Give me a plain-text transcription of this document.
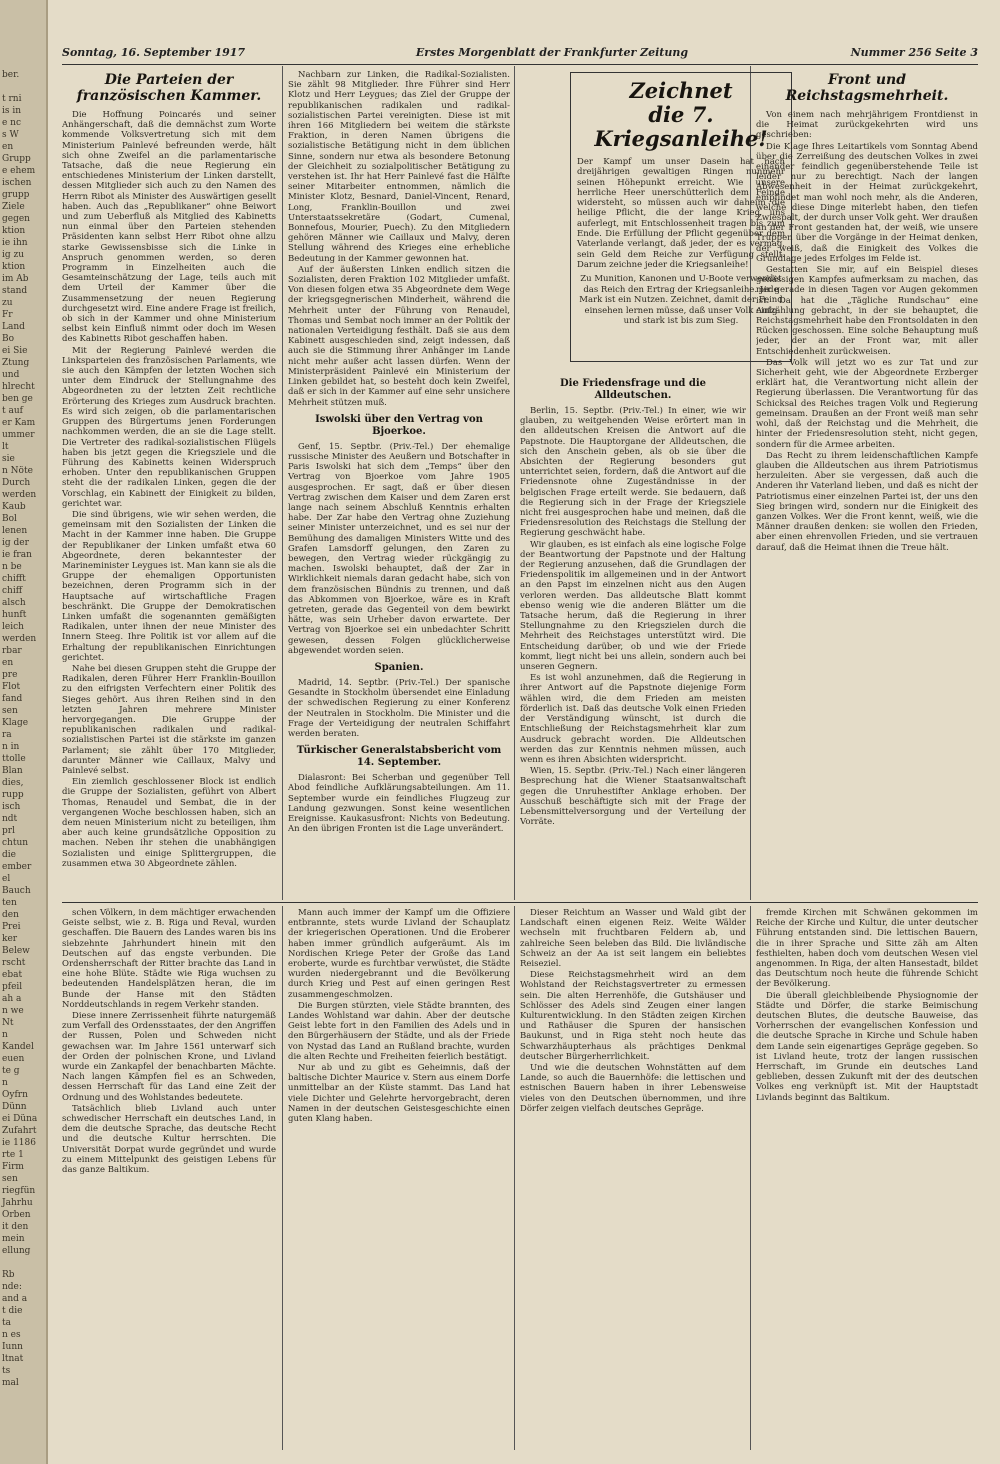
ber.
t rni
is in
e nc
s W
en
Grupp
e ehem
ischen
grupp
Ziele
gegen
ktion
ie ihn
ig zu
ktion
im Ab
stand
zu
Fr
Land
Bo
ei Sie
Ztung
und
hlrecht
ben ge
t auf
er Kam
ummer
lt
sie
n Nöte
Durch
werden
Kaub
Bol
lenen
ig der
ie fran
n be
chifft
chiff
alsch
hunft
leich
werden
rbar
en
pre
Flot
fand
sen
Klage
ra
n in
ttolle
Blan
dies,
rupp
isch
ndt
prl
chtun
die
ember
el
Bauch
ten
den
Prei
ker
Belew
rscht
ebat
pfeil
ah a
n we
Nt
n
Kandel
euen
te g
n
Oyfrn
Dünn
ei Düna
Zufahrt
ie 1186
rte 1
Firm
sen
riegfün
Jahrhu
Orben
it den
mein
ellung
Rb
nde:
and a
t die
ta
n es
Iunn
ltnat
ts
mal
Sonntag, 16. September 1917	Erstes Morgenblatt der Frankfurter Zeitung	Nummer 256 Seite 3
Die Parteien der französischen Kammer.

Die Hoffnung Poincarés und seiner Anhängerschaft, daß die demnächst zum Worte kommende Volksvertretung sich mit dem Ministerium Painlevé befreunden werde, hält sich ohne Zweifel an die parlamentarische Tatsache, daß die neue Regierung ein entschiedenes Ministerium der Linken darstellt, dessen Mitglieder sich auch zu den Namen des Herrn Ribot als Minister des Auswärtigen gesellt haben. Auch das „Republikaner“ ohne Beiwort und zum Ueberfluß als Mitglied des Kabinetts nun einmal über den Parteien stehenden Präsidenten kann selbst Herr Ribot ohne allzu starke Gewissensbisse sich die Linke in Anspruch genommen werden, so deren Programm in Einzelheiten auch die Gesamteinschätzung der Lage, teils auch mit dem Urteil der Kammer über die Zusammensetzung der neuen Regierung durchgesetzt wird. Eine andere Frage ist freilich, ob sich in der Kammer und ohne Ministerium selbst kein Einfluß nimmt oder doch im Wesen des Kabinetts Ribot geschaffen haben.

Mit der Regierung Painlevé werden die Linksparteien des französischen Parlaments, wie sie auch den Kämpfen der letzten Wochen sich unter dem Eindruck der Stellungnahme des Abgeordneten zu der letzten Zeit rechtliche Erörterung des Krieges zum Ausdruck brachten. Es wird sich zeigen, ob die parlamentarischen Gruppen des Bürgertums jenen Forderungen nachkommen werden, die an sie die Lage stellt. Die Vertreter des radikal-sozialistischen Flügels haben bis jetzt gegen die Kriegsziele und die Führung des Kabinetts keinen Widerspruch erhoben. Unter den republikanischen Gruppen steht die der radikalen Linken, gegen die der Vorschlag, ein Kabinett der Einigkeit zu bilden, gerichtet war.

Die sind übrigens, wie wir sehen werden, die gemeinsam mit den Sozialisten der Linken die Macht in der Kammer inne haben. Die Gruppe der Republikaner der Linken umfaßt etwa 60 Abgeordnete, deren bekanntester der Marineminister Leygues ist. Man kann sie als die Gruppe der ehemaligen Opportunisten bezeichnen, deren Programm sich in der Hauptsache auf wirtschaftliche Fragen beschränkt. Die Gruppe der Demokratischen Linken umfaßt die sogenannten gemäßigten Radikalen, unter ihnen der neue Minister des Innern Steeg. Ihre Politik ist vor allem auf die Erhaltung der republikanischen Einrichtungen gerichtet.

Nahe bei diesen Gruppen steht die Gruppe der Radikalen, deren Führer Herr Franklin-Bouillon zu den eifrigsten Verfechtern einer Politik des Sieges gehört. Aus ihren Reihen sind in den letzten Jahren mehrere Minister hervorgegangen. Die Gruppe der republikanischen radikalen und radikal-sozialistischen Partei ist die stärkste im ganzen Parlament; sie zählt über 170 Mitglieder, darunter Männer wie Caillaux, Malvy und Painlevé selbst.

Ein ziemlich geschlossener Block ist endlich die Gruppe der Sozialisten, geführt von Albert Thomas, Renaudel und Sembat, die in der vergangenen Woche beschlossen haben, sich an dem neuen Ministerium nicht zu beteiligen, ihm aber auch keine grundsätzliche Opposition zu machen. Neben ihr stehen die unabhängigen Sozialisten und einige Splittergruppen, die zusammen etwa 30 Abgeordnete zählen.

Nachbarn zur Linken, die Radikal-Sozialisten. Sie zählt 98 Mitglieder. Ihre Führer sind Herr Klotz und Herr Leygues; das Ziel der Gruppe der republikanischen radikalen und radikal-sozialistischen Partei vereinigten. Diese ist mit ihren 166 Mitgliedern bei weitem die stärkste Fraktion, in deren Namen übrigens die sozialistische Betätigung nicht in dem üblichen Sinne, sondern nur etwa als besondere Betonung der Gleichheit zu sozialpolitischer Betätigung zu verstehen ist. Ihr hat Herr Painlevé fast die Hälfte seiner Mitarbeiter entnommen, nämlich die Minister Klotz, Besnard, Daniel-Vincent, Renard, Long, Franklin-Bouillon und zwei Unterstaatssekretäre (Godart, Cumenal, Bonnefous, Mourier, Puech). Zu den Mitgliedern gehören Männer wie Caillaux und Malvy, deren Stellung während des Krieges eine erhebliche Bedeutung in der Kammer gewonnen hat.

Auf der äußersten Linken endlich sitzen die Sozialisten, deren Fraktion 102 Mitglieder umfaßt. Von diesen folgen etwa 35 Abgeordnete dem Wege der kriegsgegnerischen Minderheit, während die Mehrheit unter der Führung von Renaudel, Thomas und Sembat noch immer an der Politik der nationalen Verteidigung festhält. Daß sie aus dem Kabinett ausgeschieden sind, zeigt indessen, daß auch sie die Stimmung ihrer Anhänger im Lande nicht mehr außer acht lassen dürfen. Wenn der Ministerpräsident Painlevé ein Ministerium der Linken gebildet hat, so besteht doch kein Zweifel, daß er sich in der Kammer auf eine sehr unsichere Mehrheit stützen muß.

Iswolski über den Vertrag von Bjoerkoe.

Genf, 15. Septbr. (Priv.-Tel.) Der ehemalige russische Minister des Aeußern und Botschafter in Paris Iswolski hat sich dem „Temps“ über den Vertrag von Bjoerkoe vom Jahre 1905 ausgesprochen. Er sagt, daß er über diesen Vertrag zwischen dem Kaiser und dem Zaren erst lange nach seinem Abschluß Kenntnis erhalten habe. Der Zar habe den Vertrag ohne Zuziehung seiner Minister unterzeichnet, und es sei nur der Bemühung des damaligen Ministers Witte und des Grafen Lamsdorff gelungen, den Zaren zu bewegen, den Vertrag wieder rückgängig zu machen. Iswolski behauptet, daß der Zar in Wirklichkeit niemals daran gedacht habe, sich von dem französischen Bündnis zu trennen, und daß das Abkommen von Bjoerkoe, wäre es in Kraft getreten, gerade das Gegenteil von dem bewirkt hätte, was sein Urheber davon erwartete. Der Vertrag von Bjoerkoe sei ein unbedachter Schritt gewesen, dessen Folgen glücklicherweise abgewendet worden seien.

Spanien.

Madrid, 14. Septbr. (Priv.-Tel.) Der spanische Gesandte in Stockholm übersendet eine Einladung der schwedischen Regierung zu einer Konferenz der Neutralen in Stockholm. Die Minister und die Frage der Verteidigung der neutralen Schiffahrt werden beraten.

Türkischer Generalstabsbericht vom 14. September.

Dialasront: Bei Scherban und gegenüber Tell Abod feindliche Aufklärungsabteilungen. Am 11. September wurde ein feindliches Flugzeug zur Landung gezwungen. Sonst keine wesentlichen Ereignisse. Kaukasusfront: Nichts von Bedeutung. An den übrigen Fronten ist die Lage unverändert.

Zeichnet
die 7. Kriegsanleihe!
Der Kampf um unser Dasein hat nach dreijährigen gewaltigen Ringen nunmehr seinen Höhepunkt erreicht. Wie unsere herrliche Heer unerschütterlich dem Feinde widersteht, so müssen auch wir daheim die heilige Pflicht, die der lange Krieg uns auferlegt, mit Entschlossenheit tragen bis zum Ende. Die Erfüllung der Pflicht gegenüber dem Vaterlande verlangt, daß jeder, der es vermag, sein Geld dem Reiche zur Verfügung stellt. Darum zeichne jeder die Kriegsanleihe!
Zu Munition, Kanonen und U-Boote verwendet das Reich den Ertrag der Kriegsanleihe. Jede Mark ist ein Nutzen. Zeichnet, damit der Feind einsehen lernen müsse, daß unser Volk einig und stark ist bis zum Sieg.
Die Friedensfrage und die Alldeutschen.

Berlin, 15. Septbr. (Priv.-Tel.) In einer, wie wir glauben, zu weitgehenden Weise erörtert man in den alldeutschen Kreisen die Antwort auf die Papstnote. Die Hauptorgane der Alldeutschen, die sich den Anschein geben, als ob sie über die Absichten der Regierung besonders gut unterrichtet seien, fordern, daß die Antwort auf die Friedensnote ohne Zugeständnisse in der belgischen Frage erteilt werde. Sie bedauern, daß die Regierung sich in der Frage der Kriegsziele nicht frei ausgesprochen habe und meinen, daß die Friedensresolution des Reichstags die Stellung der Regierung geschwächt habe.

Wir glauben, es ist einfach als eine logische Folge der Beantwortung der Papstnote und der Haltung der Regierung anzusehen, daß die Grundlagen der Friedenspolitik im allgemeinen und in der Antwort an den Papst im einzelnen nicht aus den Augen verloren werden. Das alldeutsche Blatt kommt ebenso wenig wie die anderen Blätter um die Tatsache herum, daß die Regierung in ihrer Stellungnahme zu den Kriegszielen durch die Mehrheit des Reichstages unterstützt wird. Die Entscheidung darüber, ob und wie der Friede kommt, liegt nicht bei uns allein, sondern auch bei unseren Gegnern.

Es ist wohl anzunehmen, daß die Regierung in ihrer Antwort auf die Papstnote diejenige Form wählen wird, die dem Frieden am meisten förderlich ist. Daß das deutsche Volk einen Frieden der Verständigung wünscht, ist durch die Entschließung der Reichstagsmehrheit klar zum Ausdruck gebracht worden. Die Alldeutschen werden das zur Kenntnis nehmen müssen, auch wenn es ihren Absichten widerspricht.

Wien, 15. Septbr. (Priv.-Tel.) Nach einer längeren Besprechung hat die Wiener Staatsanwaltschaft gegen die Unruhestifter Anklage erhoben. Der Ausschuß beschäftigte sich mit der Frage der Lebensmittelversorgung und der Verteilung der Vorräte.

Front und Reichstagsmehrheit.

Von einem nach mehrjährigem Frontdienst in die Heimat zurückgekehrten wird uns geschrieben:

Die Klage Ihres Leitartikels vom Sonntag Abend über die Zerreißung des deutschen Volkes in zwei einander feindlich gegenüberstehende Teile ist leider nur zu berechtigt. Nach der langen Abwesenheit in der Heimat zurückgekehrt, empfindet man wohl noch mehr, als die Anderen, welche diese Dinge miterlebt haben, den tiefen Zwiespalt, der durch unser Volk geht. Wer draußen an der Front gestanden hat, der weiß, wie unsere Truppen über die Vorgänge in der Heimat denken, der weiß, daß die Einigkeit des Volkes die Grundlage jedes Erfolges im Felde ist.

Gestatten Sie mir, auf ein Beispiel dieses gehässigen Kampfes aufmerksam zu machen, das mir gerade in diesen Tagen vor Augen gekommen ist. Da hat die „Tägliche Rundschau“ eine Aufzählung gebracht, in der sie behauptet, die Reichstagsmehrheit habe den Frontsoldaten in den Rücken geschossen. Eine solche Behauptung muß jeder, der an der Front war, mit aller Entschiedenheit zurückweisen.

Das Volk will jetzt wo es zur Tat und zur Sicherheit geht, wie der Abgeordnete Erzberger erklärt hat, die Verantwortung nicht allein der Regierung überlassen. Die Verantwortung für das Schicksal des Reiches tragen Volk und Regierung gemeinsam. Draußen an der Front weiß man sehr wohl, daß der Reichstag und die Mehrheit, die hinter der Friedensresolution steht, nicht gegen, sondern für die Armee arbeiten.

Das Recht zu ihrem leidenschaftlichen Kampfe glauben die Alldeutschen aus ihrem Patriotismus herzuleiten. Aber sie vergessen, daß auch die Anderen ihr Vaterland lieben, und daß es nicht der Patriotismus einer einzelnen Partei ist, der uns den Sieg bringen wird, sondern nur die Einigkeit des ganzen Volkes. Wer die Front kennt, weiß, wie die Männer draußen denken: sie wollen den Frieden, aber einen ehrenvollen Frieden, und sie vertrauen darauf, daß die Heimat ihnen die Treue hält.

schen Völkern, in dem mächtiger erwachenden Geiste selbst, wie z. B. Riga und Reval, wurden geschaffen. Die Bauern des Landes waren bis ins siebzehnte Jahrhundert hinein mit den Deutschen auf das engste verbunden. Die Ordensherrschaft der Ritter brachte das Land in eine hohe Blüte. Städte wie Riga wuchsen zu bedeutenden Handelsplätzen heran, die im Bunde der Hanse mit den Städten Norddeutschlands in regem Verkehr standen.

Diese innere Zerrissenheit führte naturgemäß zum Verfall des Ordensstaates, der den Angriffen der Russen, Polen und Schweden nicht gewachsen war. Im Jahre 1561 unterwarf sich der Orden der polnischen Krone, und Livland wurde ein Zankapfel der benachbarten Mächte. Nach langen Kämpfen fiel es an Schweden, dessen Herrschaft für das Land eine Zeit der Ordnung und des Wohlstandes bedeutete.

Tatsächlich blieb Livland auch unter schwedischer Herrschaft ein deutsches Land, in dem die deutsche Sprache, das deutsche Recht und die deutsche Kultur herrschten. Die Universität Dorpat wurde gegründet und wurde zu einem Mittelpunkt des geistigen Lebens für das ganze Baltikum.

Mann auch immer der Kampf um die Offiziere entbrannte, stets wurde Livland der Schauplatz der kriegerischen Operationen. Und die Eroberer haben immer gründlich aufgeräumt. Als im Nordischen Kriege Peter der Große das Land eroberte, wurde es furchtbar verwüstet, die Städte wurden niedergebrannt und die Bevölkerung durch Krieg und Pest auf einen geringen Rest zusammengeschmolzen.

Die Burgen stürzten, viele Städte brannten, des Landes Wohlstand war dahin. Aber der deutsche Geist lebte fort in den Familien des Adels und in den Bürgerhäusern der Städte, und als der Friede von Nystad das Land an Rußland brachte, wurden die alten Rechte und Freiheiten feierlich bestätigt.

Nur ab und zu gibt es Geheimnis, daß der baltische Dichter Maurice v. Stern aus einem Dorfe unmittelbar an der Küste stammt. Das Land hat viele Dichter und Gelehrte hervorgebracht, deren Namen in der deutschen Geistesgeschichte einen guten Klang haben.

Dieser Reichtum an Wasser und Wald gibt der Landschaft einen eigenen Reiz. Weite Wälder wechseln mit fruchtbaren Feldern ab, und zahlreiche Seen beleben das Bild. Die livländische Schweiz an der Aa ist seit langem ein beliebtes Reiseziel.

Diese Reichstagsmehrheit wird an dem Wohlstand der Reichstagsvertreter zu ermessen sein. Die alten Herrenhöfe, die Gutshäuser und Schlösser des Adels sind Zeugen einer langen Kulturentwicklung. In den Städten zeigen Kirchen und Rathäuser die Spuren der hansischen Baukunst, und in Riga steht noch heute das Schwarzhäupterhaus als prächtiges Denkmal deutscher Bürgerherrlichkeit.

Und wie die deutschen Wohnstätten auf dem Lande, so auch die Bauernhöfe: die lettischen und estnischen Bauern haben in ihrer Lebensweise vieles von den Deutschen übernommen, und ihre Dörfer zeigen vielfach deutsches Gepräge.

fremde Kirchen mit Schwänen gekommen im Reiche der Kirche und Kultur, die unter deutscher Führung entstanden sind. Die lettischen Bauern, die in ihrer Sprache und Sitte zäh am Alten festhielten, haben doch vom deutschen Wesen viel angenommen. In Riga, der alten Hansestadt, bildet das Deutschtum noch heute die führende Schicht der Bevölkerung.

Die überall gleichbleibende Physiognomie der Städte und Dörfer, die starke Beimischung deutschen Blutes, die deutsche Bauweise, das Vorherrschen der evangelischen Konfession und die deutsche Sprache in Kirche und Schule haben dem Lande sein eigenartiges Gepräge gegeben. So ist Livland heute, trotz der langen russischen Herrschaft, im Grunde ein deutsches Land geblieben, dessen Zukunft mit der des deutschen Volkes eng verknüpft ist. Mit der Hauptstadt Livlands beginnt das Baltikum.
